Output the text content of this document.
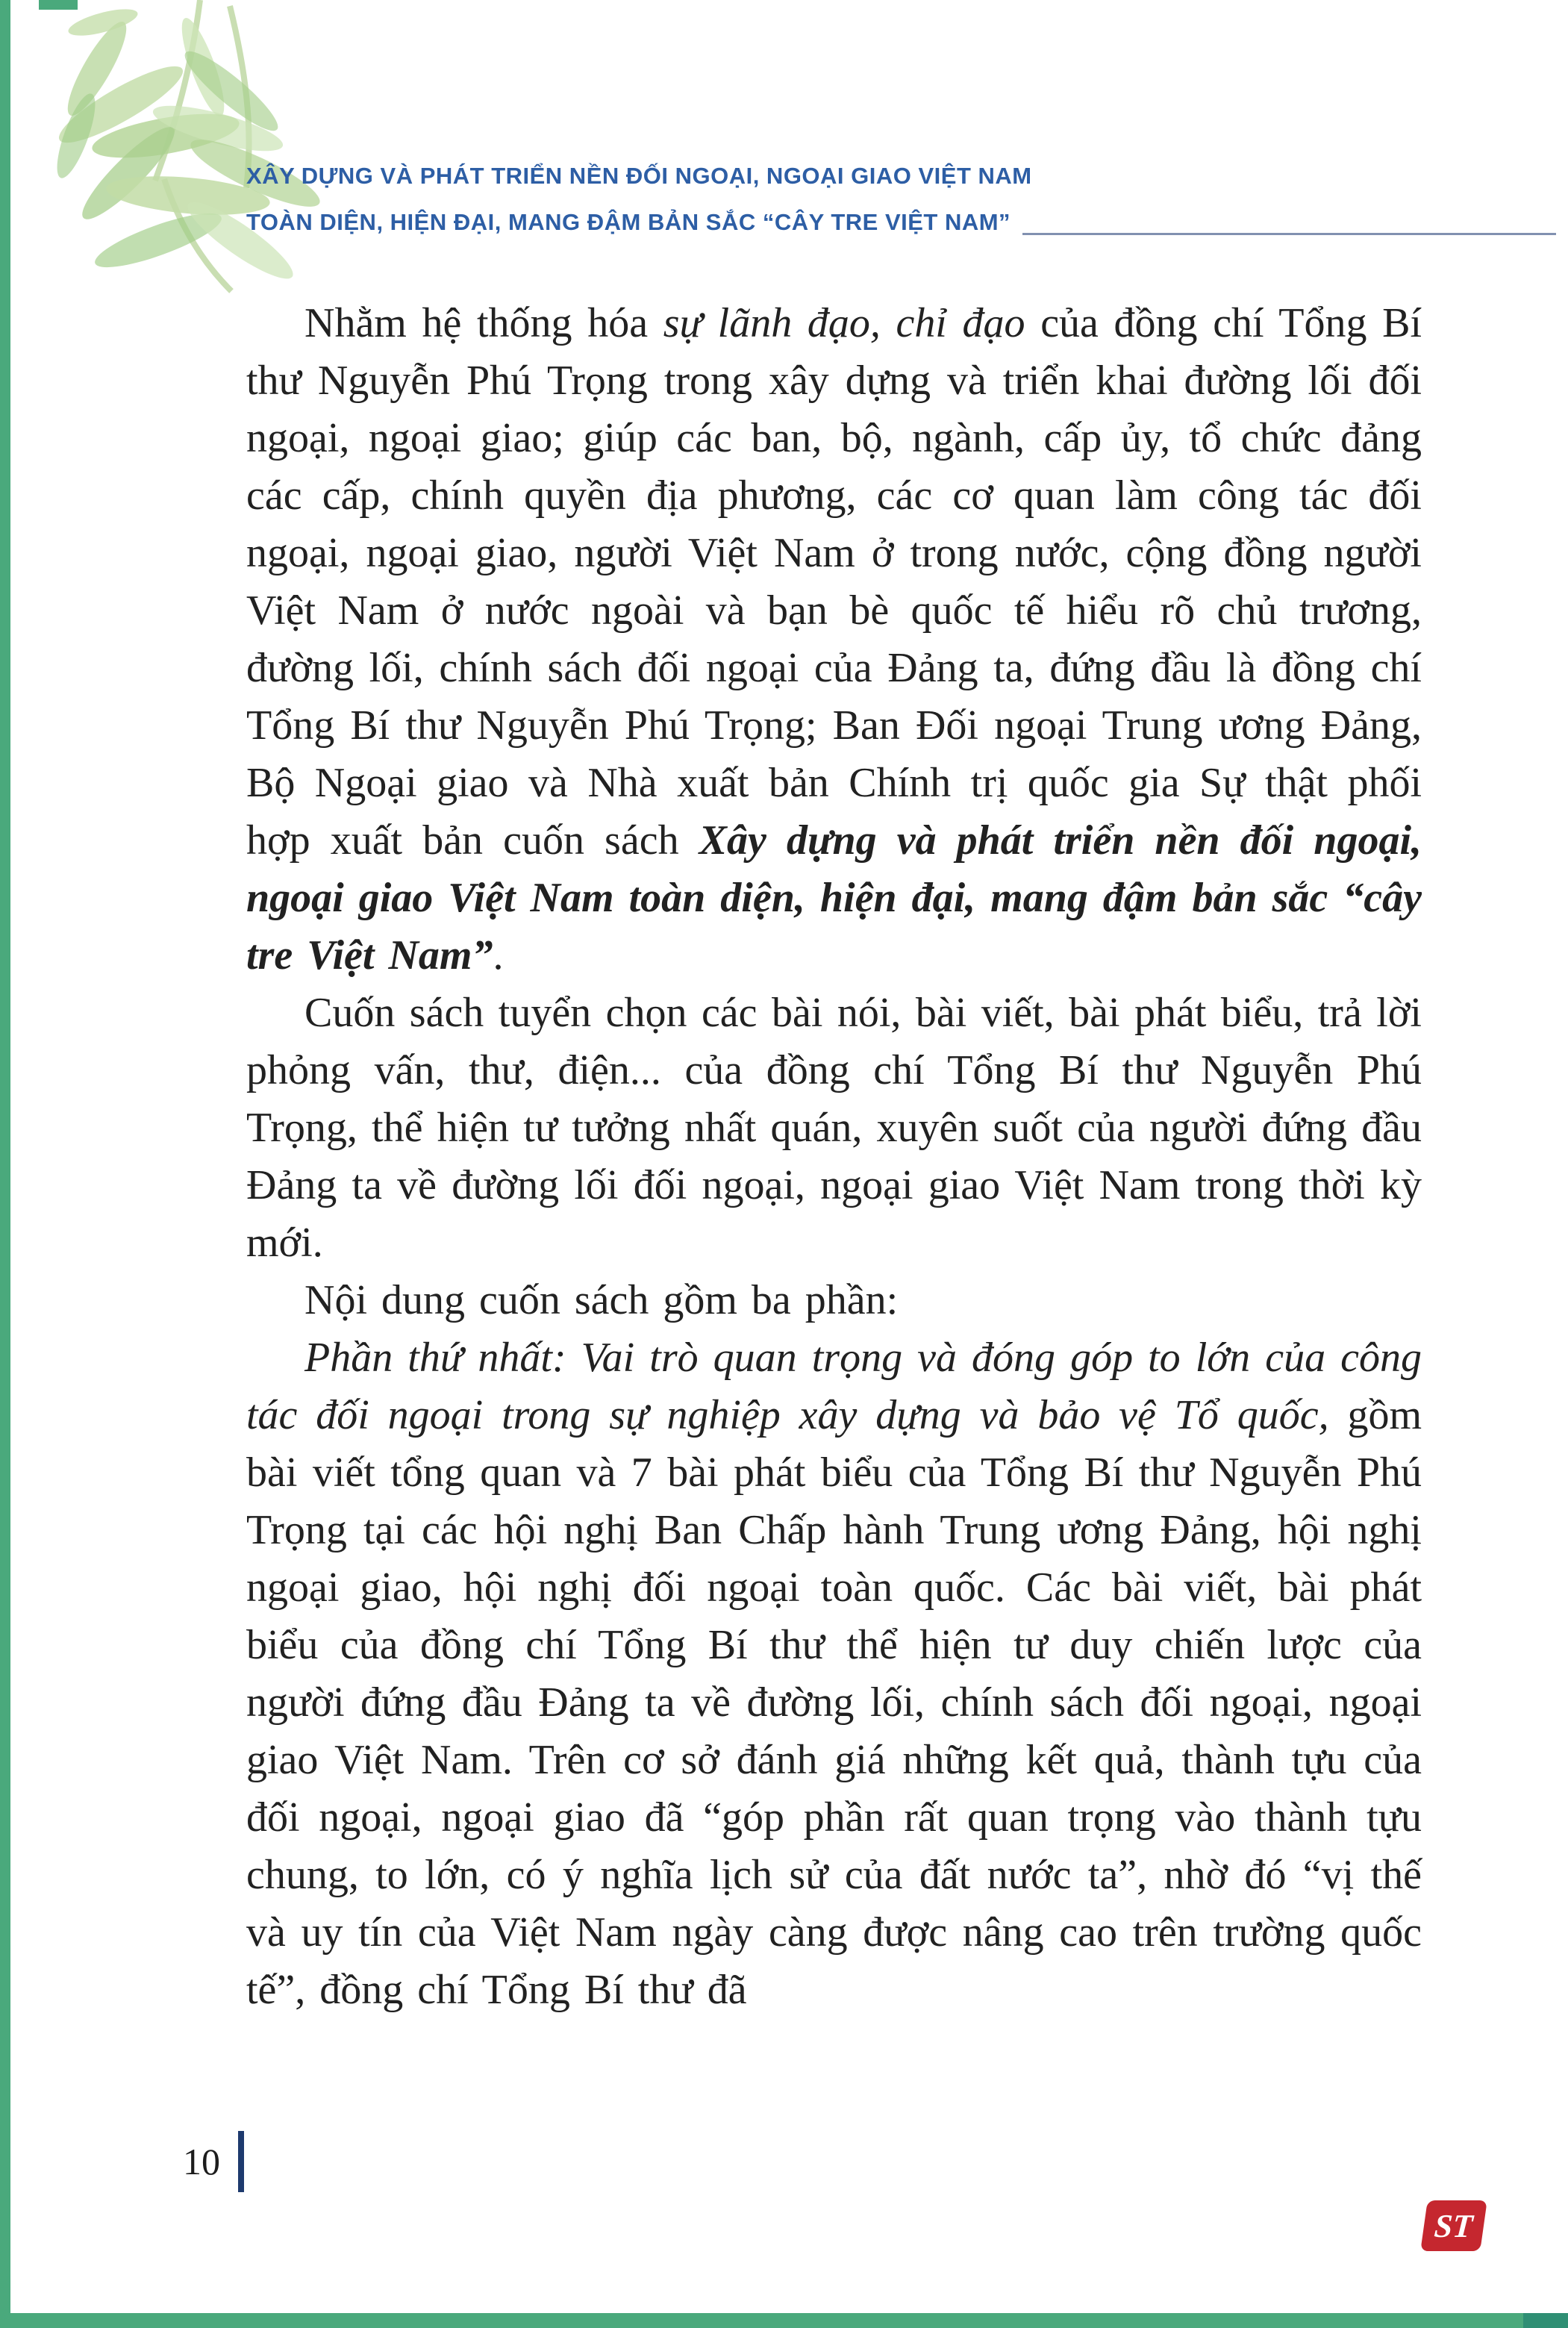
XÂY DỰNG VÀ PHÁT TRIỂN NỀN ĐỐI NGOẠI, NGOẠI GIAO VIỆT NAM
TOÀN DIỆN, HIỆN ĐẠI, MANG ĐẬM BẢN SẮC “CÂY TRE VIỆT NAM”

Nhằm hệ thống hóa sự lãnh đạo, chỉ đạo của đồng chí Tổng Bí thư Nguyễn Phú Trọng trong xây dựng và triển khai đường lối đối ngoại, ngoại giao; giúp các ban, bộ, ngành, cấp ủy, tổ chức đảng các cấp, chính quyền địa phương, các cơ quan làm công tác đối ngoại, ngoại giao, người Việt Nam ở trong nước, cộng đồng người Việt Nam ở nước ngoài và bạn bè quốc tế hiểu rõ chủ trương, đường lối, chính sách đối ngoại của Đảng ta, đứng đầu là đồng chí Tổng Bí thư Nguyễn Phú Trọng; Ban Đối ngoại Trung ương Đảng, Bộ Ngoại giao và Nhà xuất bản Chính trị quốc gia Sự thật phối hợp xuất bản cuốn sách Xây dựng và phát triển nền đối ngoại, ngoại giao Việt Nam toàn diện, hiện đại, mang đậm bản sắc “cây tre Việt Nam”.

Cuốn sách tuyển chọn các bài nói, bài viết, bài phát biểu, trả lời phỏng vấn, thư, điện... của đồng chí Tổng Bí thư Nguyễn Phú Trọng, thể hiện tư tưởng nhất quán, xuyên suốt của người đứng đầu Đảng ta về đường lối đối ngoại, ngoại giao Việt Nam trong thời kỳ mới.

Nội dung cuốn sách gồm ba phần:

Phần thứ nhất: Vai trò quan trọng và đóng góp to lớn của công tác đối ngoại trong sự nghiệp xây dựng và bảo vệ Tổ quốc, gồm bài viết tổng quan và 7 bài phát biểu của Tổng Bí thư Nguyễn Phú Trọng tại các hội nghị Ban Chấp hành Trung ương Đảng, hội nghị ngoại giao, hội nghị đối ngoại toàn quốc. Các bài viết, bài phát biểu của đồng chí Tổng Bí thư thể hiện tư duy chiến lược của người đứng đầu Đảng ta về đường lối, chính sách đối ngoại, ngoại giao Việt Nam. Trên cơ sở đánh giá những kết quả, thành tựu của đối ngoại, ngoại giao đã “góp phần rất quan trọng vào thành tựu chung, to lớn, có ý nghĩa lịch sử của đất nước ta”, nhờ đó “vị thế và uy tín của Việt Nam ngày càng được nâng cao trên trường quốc tế”, đồng chí Tổng Bí thư đã

10
ST
